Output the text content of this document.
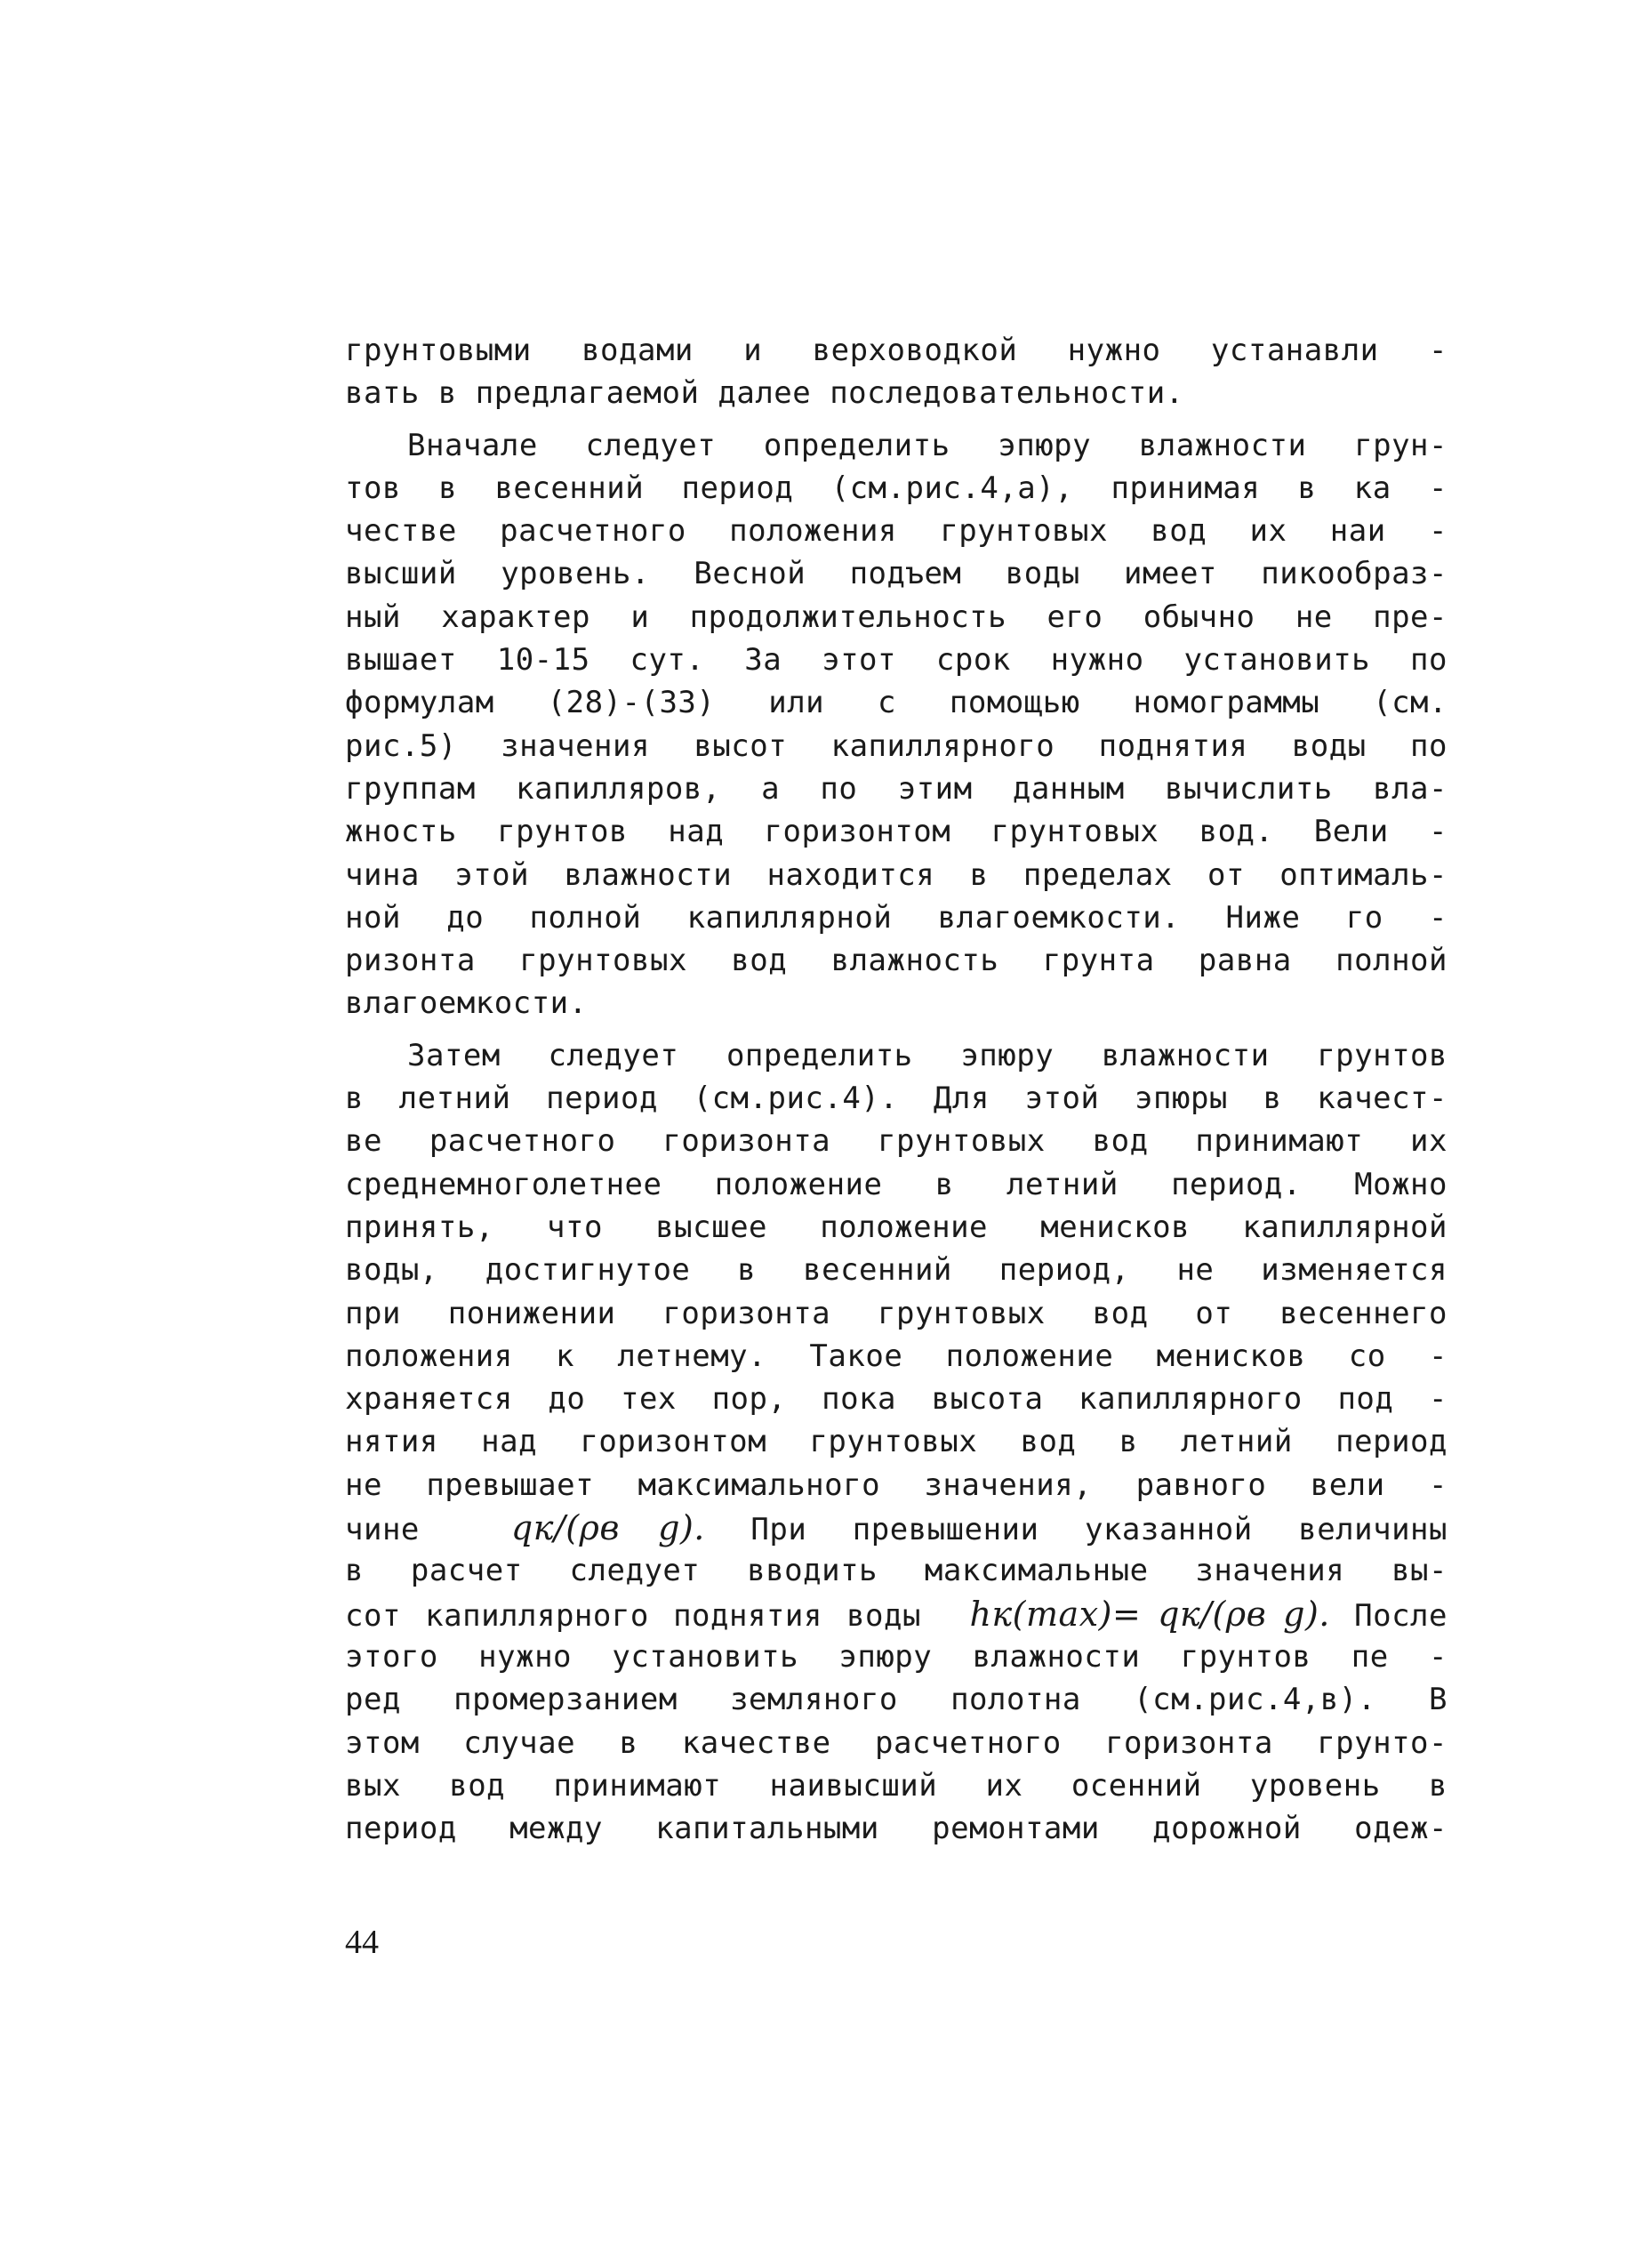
грунтовыми водами и верховодкой нужно устанавли -
вать в предлагаемой далее последовательности.
Вначале следует определить эпюру влажности грун-
тов в весенний период (см.рис.4,а), принимая в ка -
честве расчетного положения грунтовых вод их наи -
высший уровень. Весной подъем воды имеет пикообраз-
ный характер и продолжительность его обычно не пре-
вышает 10-15 сут. За этот срок нужно установить по
формулам (28)-(33) или с помощью номограммы (см.
рис.5) значения высот капиллярного поднятия воды по
группам капилляров, а по этим данным вычислить вла-
жность грунтов над горизонтом грунтовых вод. Вели -
чина этой влажности находится в пределах от оптималь-
ной до полной капиллярной влагоемкости. Ниже го -
ризонта грунтовых вод влажность грунта равна полной
влагоемкости.
Затем следует определить эпюру влажности грунтов
в летний период (см.рис.4). Для этой эпюры в качест-
ве расчетного горизонта грунтовых вод принимают их
среднемноголетнее положение в летний период. Можно
принять, что высшее положение менисков капиллярной
воды, достигнутое в весенний период, не изменяется
при понижении горизонта грунтовых вод от весеннего
положения к летнему. Такое положение менисков со -
храняется до тех пор, пока высота капиллярного под -
нятия над горизонтом грунтовых вод в летний период
не превышает максимального значения, равного вели -
чине	qк/(ρв g). При превышении указанной величины
в расчет следует вводить максимальные значения вы-
сот капиллярного поднятия воды hк(max)= qк/(ρв g). После
этого нужно установить эпюру влажности грунтов пе -
ред промерзанием земляного полотна (см.рис.4,в). В
этом случае в качестве расчетного горизонта грунто-
вых вод принимают наивысший их осенний уровень в
период между капитальными ремонтами дорожной одеж-
44
